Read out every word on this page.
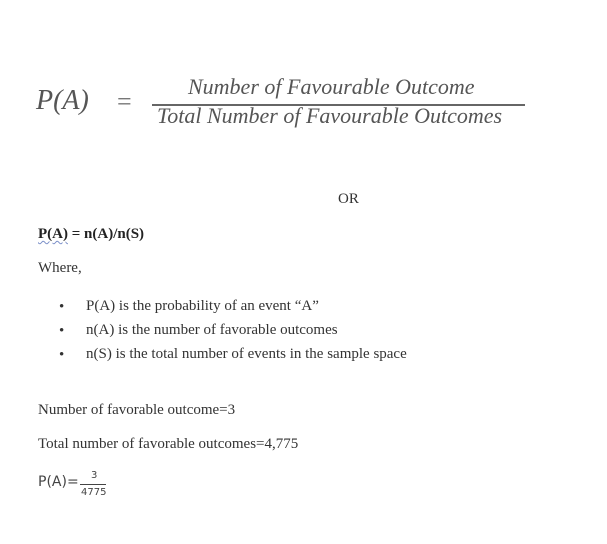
P(A) =
Number of Favourable Outcome
Total Number of Favourable Outcomes
OR
P(A) = n(A)/n(S)
Where,
• P(A) is the probability of an event “A”
• n(A) is the number of favorable outcomes
• n(S) is the total number of events in the sample space
Number of favorable outcome=3
Total number of favorable outcomes=4,775
P(A)= 3
4775
